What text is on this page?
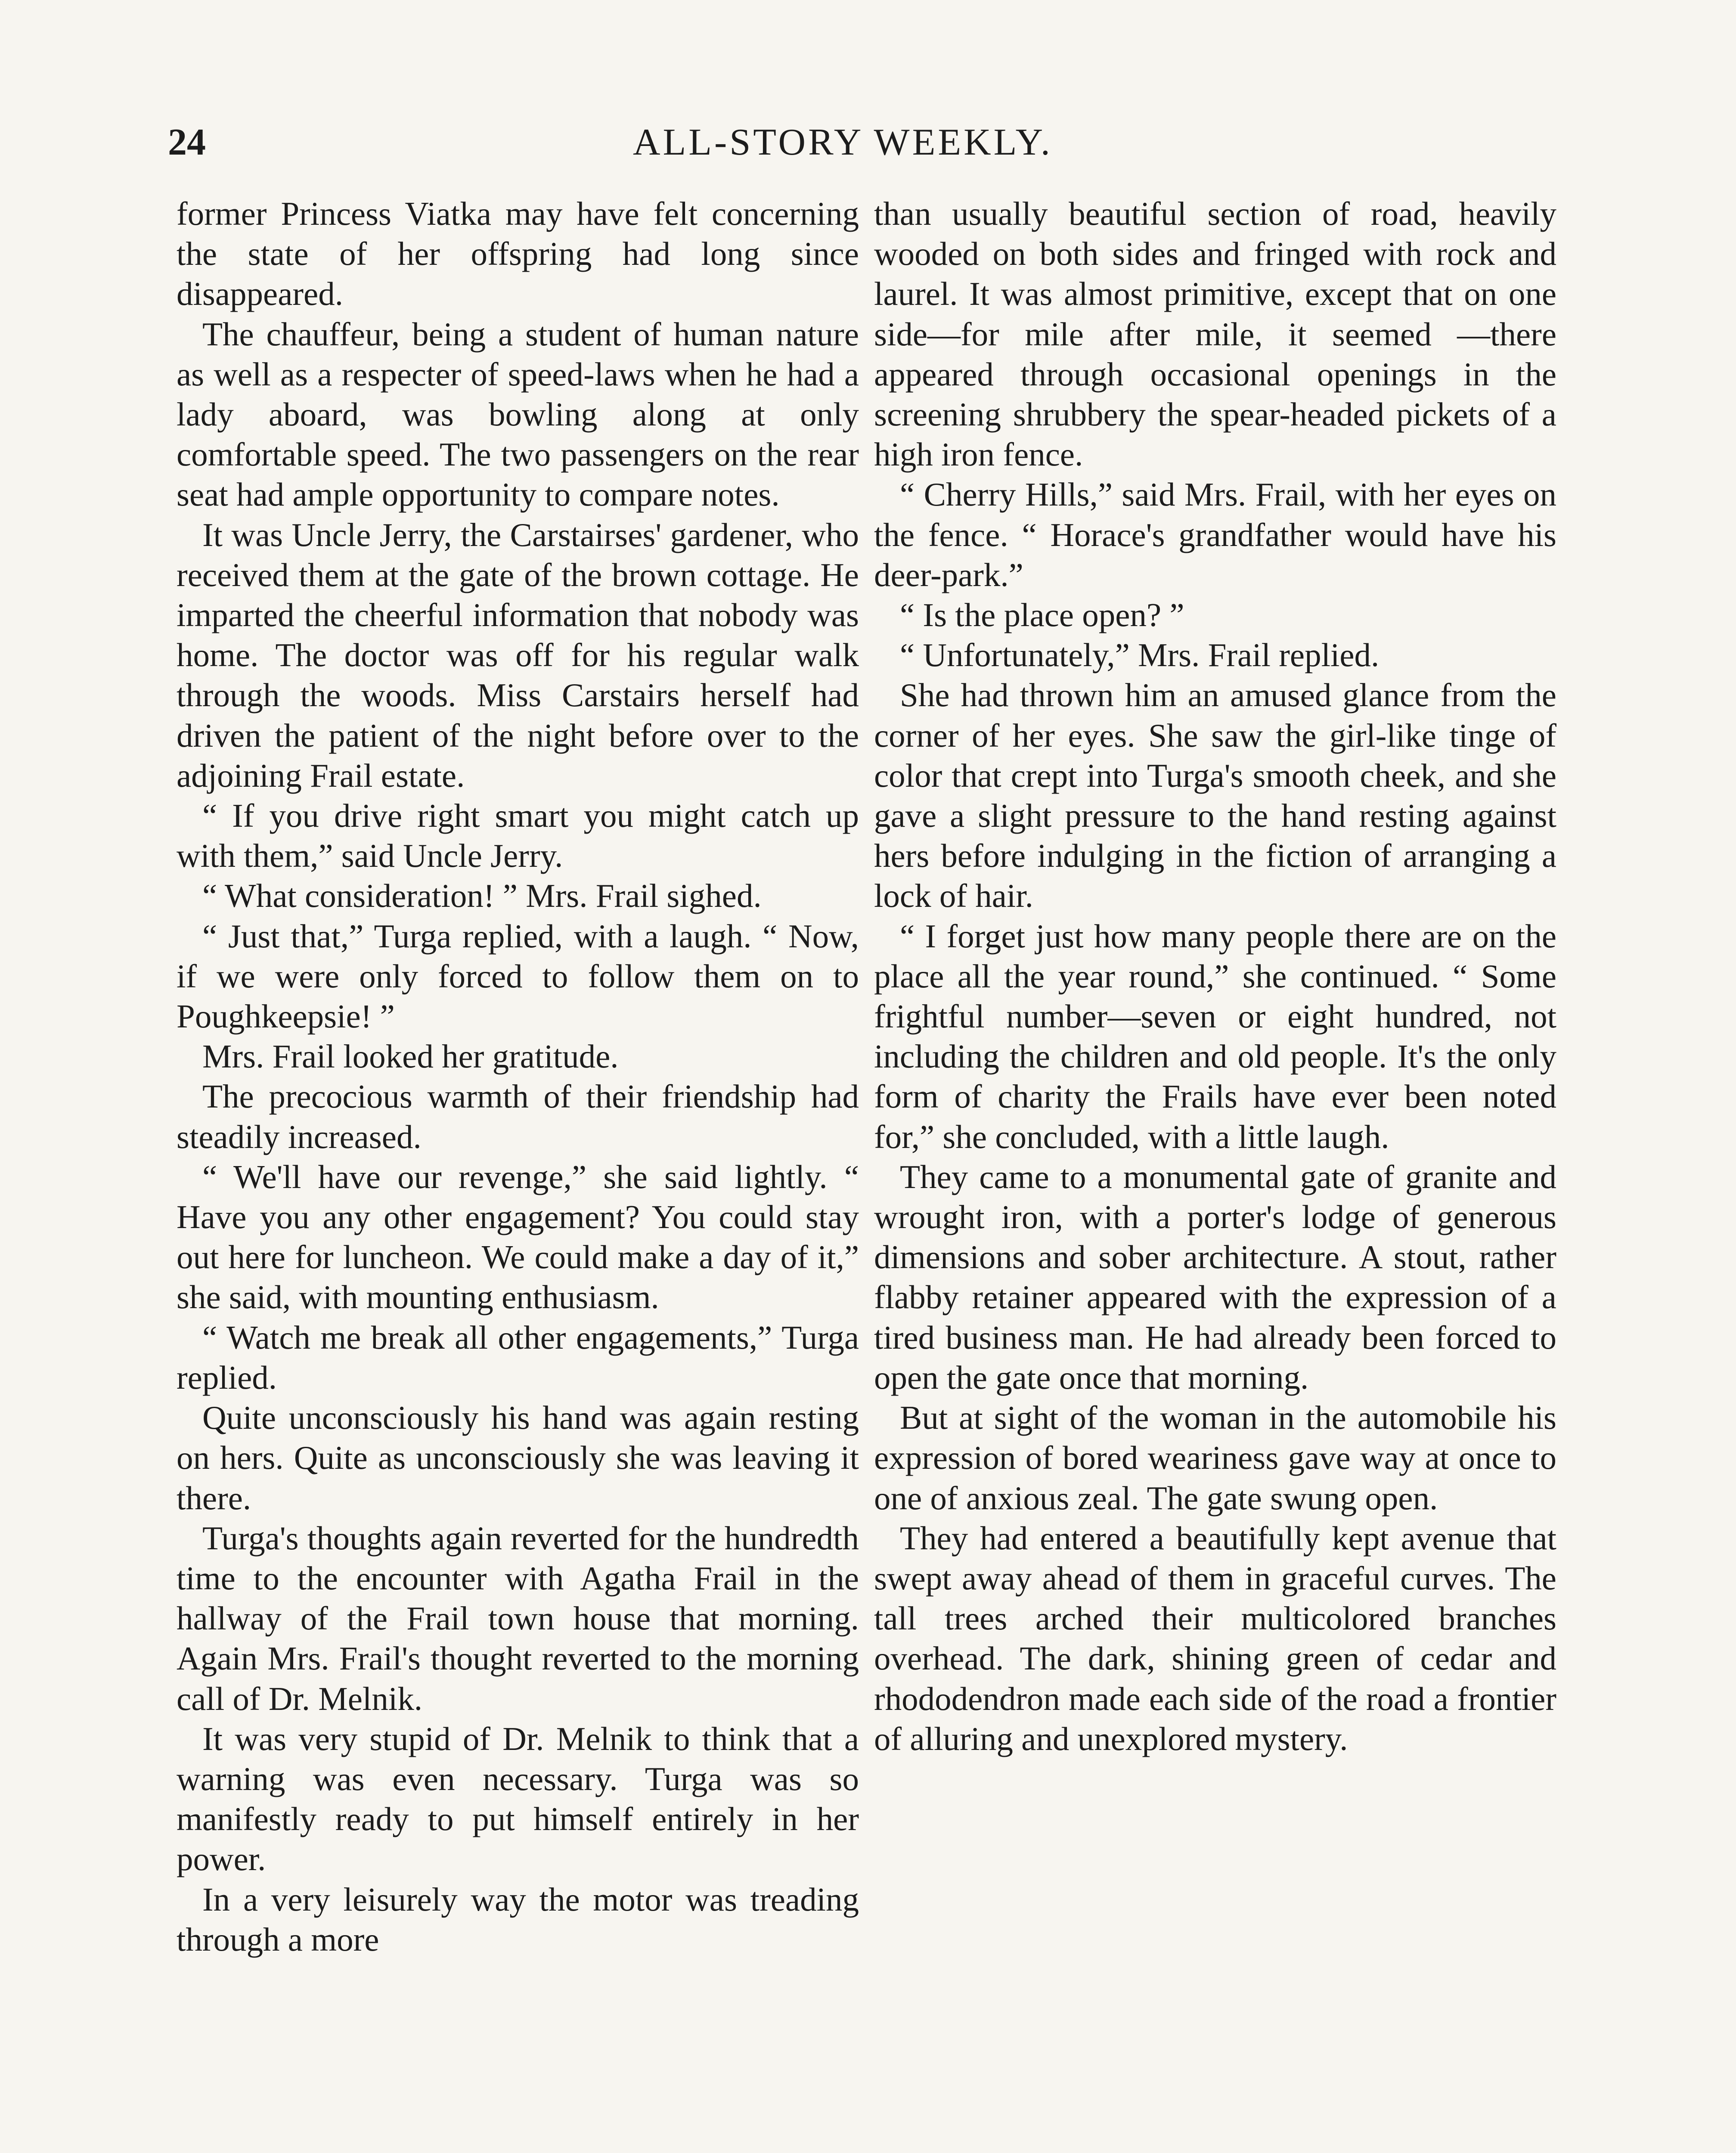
24	ALL-STORY WEEKLY.

former Princess Viatka may have felt concerning the state of her offspring had long since disappeared.

The chauffeur, being a student of human nature as well as a respecter of speed-laws when he had a lady aboard, was bowling along at only comfortable speed. The two passengers on the rear seat had ample opportunity to compare notes.

It was Uncle Jerry, the Carstairses' gardener, who received them at the gate of the brown cottage. He imparted the cheerful information that nobody was home. The doctor was off for his regular walk through the woods. Miss Carstairs herself had driven the patient of the night before over to the adjoining Frail estate.

“ If you drive right smart you might catch up with them,” said Uncle Jerry.

“ What consideration! ” Mrs. Frail sighed.

“ Just that,” Turga replied, with a laugh. “ Now, if we were only forced to follow them on to Poughkeepsie! ”

Mrs. Frail looked her gratitude.

The precocious warmth of their friendship had steadily increased.

“ We'll have our revenge,” she said lightly. “ Have you any other engagement? You could stay out here for luncheon. We could make a day of it,” she said, with mounting enthusiasm.

“ Watch me break all other engagements,” Turga replied.

Quite unconsciously his hand was again resting on hers. Quite as unconsciously she was leaving it there.

Turga's thoughts again reverted for the hundredth time to the encounter with Agatha Frail in the hallway of the Frail town house that morning. Again Mrs. Frail's thought reverted to the morning call of Dr. Melnik.

It was very stupid of Dr. Melnik to think that a warning was even necessary. Turga was so manifestly ready to put himself entirely in her power.

In a very leisurely way the motor was treading through a more

than usually beautiful section of road, heavily wooded on both sides and fringed with rock and laurel. It was almost primitive, except that on one side—for mile after mile, it seemed —there appeared through occasional openings in the screening shrubbery the spear-headed pickets of a high iron fence.

“ Cherry Hills,” said Mrs. Frail, with her eyes on the fence. “ Horace's grandfather would have his deer-park.”

“ Is the place open? ”

“ Unfortunately,” Mrs. Frail replied.

She had thrown him an amused glance from the corner of her eyes. She saw the girl-like tinge of color that crept into Turga's smooth cheek, and she gave a slight pressure to the hand resting against hers before indulging in the fiction of arranging a lock of hair.

“ I forget just how many people there are on the place all the year round,” she continued. “ Some frightful number—seven or eight hundred, not including the children and old people. It's the only form of charity the Frails have ever been noted for,” she concluded, with a little laugh.

They came to a monumental gate of granite and wrought iron, with a porter's lodge of generous dimensions and sober architecture. A stout, rather flabby retainer appeared with the expression of a tired business man. He had already been forced to open the gate once that morning.

But at sight of the woman in the automobile his expression of bored weariness gave way at once to one of anxious zeal. The gate swung open.

They had entered a beautifully kept avenue that swept away ahead of them in graceful curves. The tall trees arched their multicolored branches overhead. The dark, shining green of cedar and rhododendron made each side of the road a frontier of alluring and unexplored mystery.
